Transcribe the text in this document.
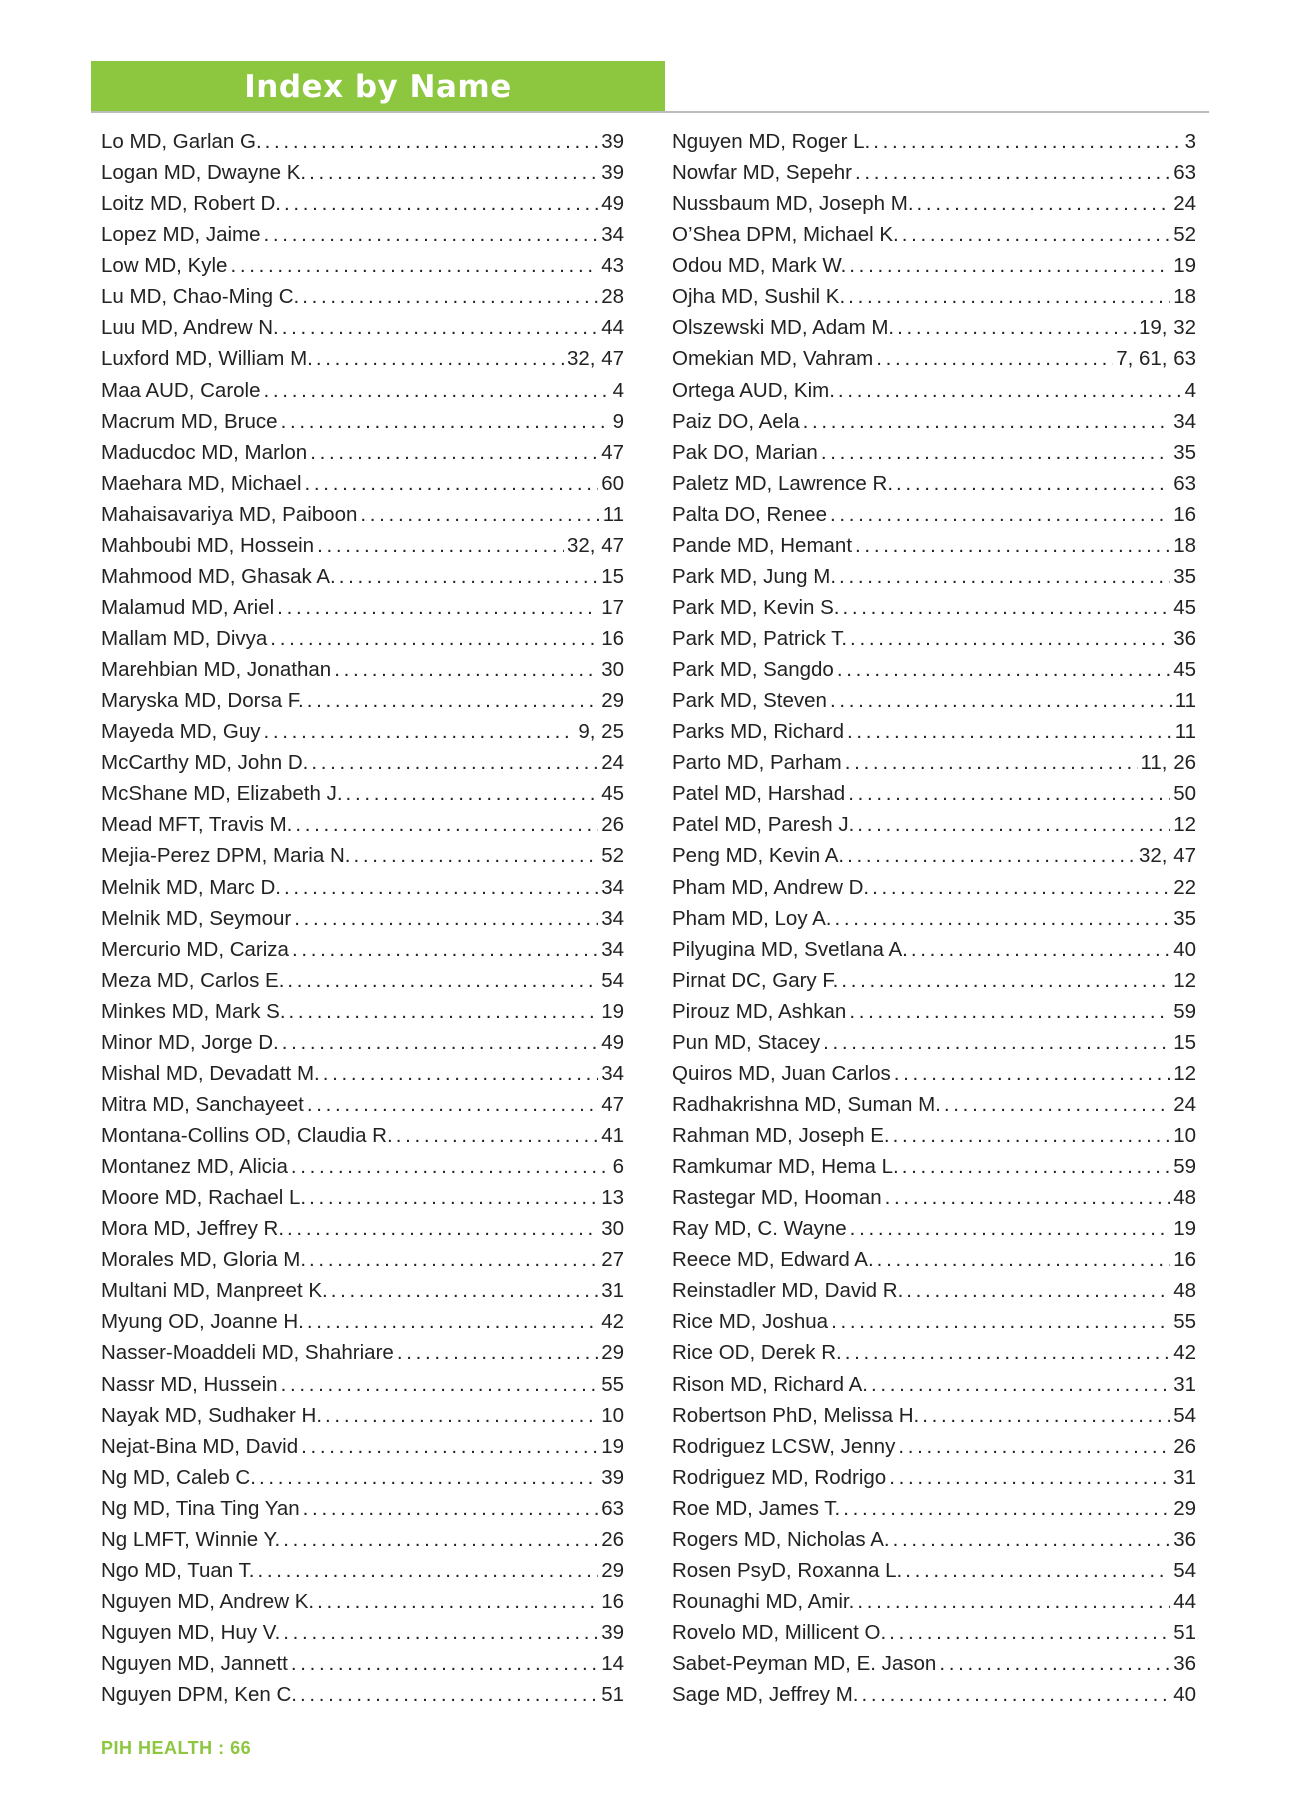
Index by Name
Lo MD, Garlan G. . . .	39
Logan MD, Dwayne K. . . .	39
Loitz MD, Robert D. . . .	49
Lopez MD, Jaime . . .	34
Low MD, Kyle . . .	43
Lu MD, Chao-Ming C. . . .	28
Luu MD, Andrew N. . . .	44
Luxford MD, William M. . . .	32, 47
Maa AUD, Carole . . .	4
Macrum MD, Bruce . . .	9
Maducdoc MD, Marlon . . .	47
Maehara MD, Michael . . .	60
Mahaisavariya MD, Paiboon . . .	11
Mahboubi MD, Hossein . . .	32, 47
Mahmood MD, Ghasak A. . . .	15
Malamud MD, Ariel . . .	17
Mallam MD, Divya . . .	16
Marehbian MD, Jonathan . . .	30
Maryska MD, Dorsa F. . . .	29
Mayeda MD, Guy . . .	9, 25
McCarthy MD, John D. . . .	24
McShane MD, Elizabeth J. . . .	45
Mead MFT, Travis M. . . .	26
Mejia-Perez DPM, Maria N. . . .	52
Melnik MD, Marc D. . . .	34
Melnik MD, Seymour . . .	34
Mercurio MD, Cariza . . .	34
Meza MD, Carlos E. . . .	54
Minkes MD, Mark S. . . .	19
Minor MD, Jorge D. . . .	49
Mishal MD, Devadatt M. . . .	34
Mitra MD, Sanchayeet . . .	47
Montana-Collins OD, Claudia R. . . .	41
Montanez MD, Alicia . . .	6
Moore MD, Rachael L. . . .	13
Mora MD, Jeffrey R. . . .	30
Morales MD, Gloria M. . . .	27
Multani MD, Manpreet K. . . .	31
Myung OD, Joanne H. . . .	42
Nasser-Moaddeli MD, Shahriare . . .	29
Nassr MD, Hussein . . .	55
Nayak MD, Sudhaker H. . . .	10
Nejat-Bina MD, David . . .	19
Ng MD, Caleb C. . . .	39
Ng MD, Tina Ting Yan . . .	63
Ng LMFT, Winnie Y. . . .	26
Ngo MD, Tuan T. . . .	29
Nguyen MD, Andrew K. . . .	16
Nguyen MD, Huy V. . . .	39
Nguyen MD, Jannett . . .	14
Nguyen DPM, Ken C. . . .	51
Nguyen MD, Roger L. . . .	3
Nowfar MD, Sepehr . . .	63
Nussbaum MD, Joseph M. . . .	24
O’Shea DPM, Michael K. . . .	52
Odou MD, Mark W. . . .	19
Ojha MD, Sushil K. . . .	18
Olszewski MD, Adam M. . . .	19, 32
Omekian MD, Vahram . . .	7, 61, 63
Ortega AUD, Kim. . . .	4
Paiz DO, Aela . . .	34
Pak DO, Marian . . .	35
Paletz MD, Lawrence R. . . .	63
Palta DO, Renee . . .	16
Pande MD, Hemant . . .	18
Park MD, Jung M. . . .	35
Park MD, Kevin S. . . .	45
Park MD, Patrick T. . . .	36
Park MD, Sangdo . . .	45
Park MD, Steven . . .	11
Parks MD, Richard . . .	11
Parto MD, Parham . . .	11, 26
Patel MD, Harshad . . .	50
Patel MD, Paresh J. . . .	12
Peng MD, Kevin A. . . .	32, 47
Pham MD, Andrew D. . . .	22
Pham MD, Loy A. . . .	35
Pilyugina MD, Svetlana A. . . .	40
Pirnat DC, Gary F. . . .	12
Pirouz MD, Ashkan . . .	59
Pun MD, Stacey . . .	15
Quiros MD, Juan Carlos . . .	12
Radhakrishna MD, Suman M. . . .	24
Rahman MD, Joseph E. . . .	10
Ramkumar MD, Hema L. . . .	59
Rastegar MD, Hooman . . .	48
Ray MD, C. Wayne . . .	19
Reece MD, Edward A. . . .	16
Reinstadler MD, David R. . . .	48
Rice MD, Joshua . . .	55
Rice OD, Derek R. . . .	42
Rison MD, Richard A. . . .	31
Robertson PhD, Melissa H. . . .	54
Rodriguez LCSW, Jenny . . .	26
Rodriguez MD, Rodrigo . . .	31
Roe MD, James T. . . .	29
Rogers MD, Nicholas A. . . .	36
Rosen PsyD, Roxanna L. . . .	54
Rounaghi MD, Amir. . . .	44
Rovelo MD, Millicent O. . . .	51
Sabet-Peyman MD, E. Jason . . .	36
Sage MD, Jeffrey M. . . .	40
PIH HEALTH : 66
